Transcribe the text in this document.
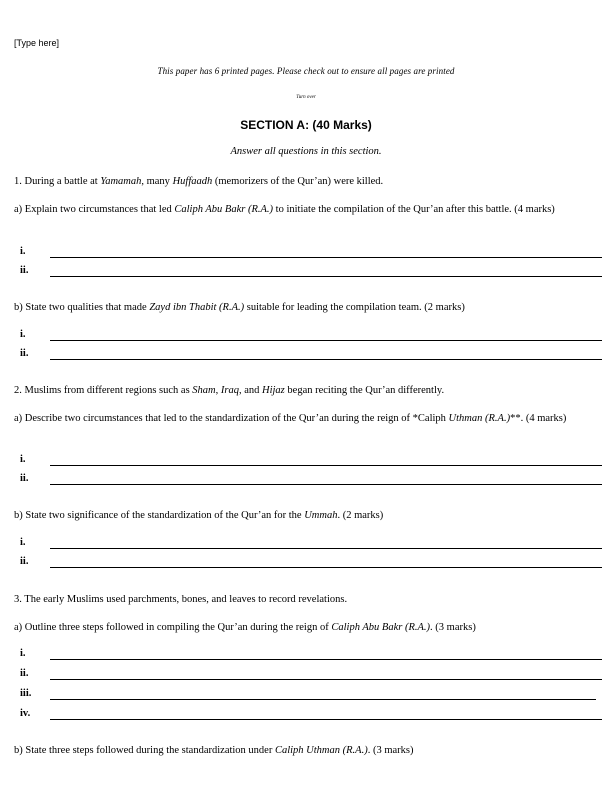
[Type here]
This paper has 6 printed pages. Please check out to ensure all pages are printed
Turn over
SECTION A: (40 Marks)
Answer all questions in this section.
1. During a battle at Yamamah, many Huffaadh (memorizers of the Qur’an) were killed.
a) Explain two circumstances that led Caliph Abu Bakr (R.A.) to initiate the compilation of the Qur’an after this battle. (4 marks)
i.
ii.
b) State two qualities that made Zayd ibn Thabit (R.A.) suitable for leading the compilation team. (2 marks)
i.
ii.
2. Muslims from different regions such as Sham, Iraq, and Hijaz began reciting the Qur’an differently.
a) Describe two circumstances that led to the standardization of the Qur’an during the reign of *Caliph Uthman (R.A.)**. (4 marks)
i.
ii.
b) State two significance of the standardization of the Qur’an for the Ummah. (2 marks)
i.
ii.
3. The early Muslims used parchments, bones, and leaves to record revelations.
a) Outline three steps followed in compiling the Qur’an during the reign of Caliph Abu Bakr (R.A.). (3 marks)
i.
ii.
iii.
iv.
b) State three steps followed during the standardization under Caliph Uthman (R.A.). (3 marks)
